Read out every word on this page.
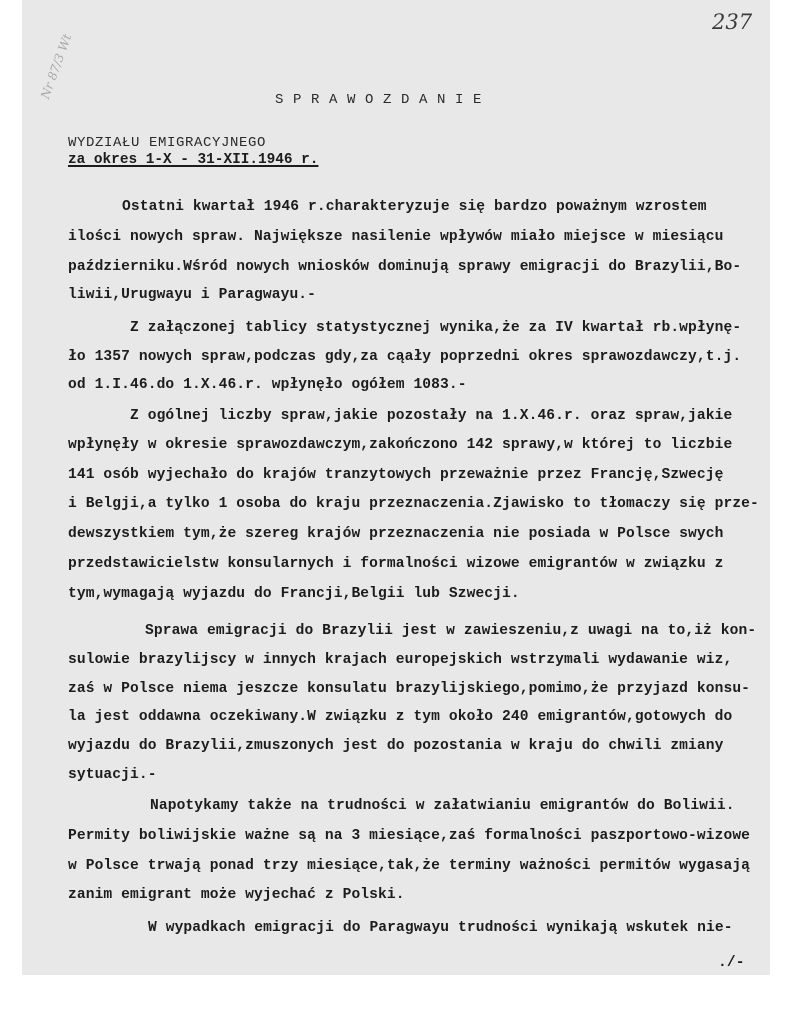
Nr 87/3 Wt
237
S P R A W O Z D A N I E
WYDZIAŁU EMIGRACYJNEGO
za okres 1-X - 31-XII.1946 r.
Ostatni kwartał 1946 r.charakteryzuje się bardzo poważnym wzrostem
ilości nowych spraw. Największe nasilenie wpływów miało miejsce w miesiącu
październiku.Wśród nowych wniosków dominują sprawy emigracji do Brazylii,Bo-
liwii,Urugwayu i Paragwayu.-
Z załączonej tablicy statystycznej wynika,że za IV kwartał rb.wpłynę-
ło 1357 nowych spraw,podczas gdy,za cąały poprzedni okres sprawozdawczy,t.j.
od 1.I.46.do 1.X.46.r. wpłynęło ogółem 1083.-
Z ogólnej liczby spraw,jakie pozostały na 1.X.46.r. oraz spraw,jakie
wpłynęły w okresie sprawozdawczym,zakończono 142 sprawy,w której to liczbie
141 osób wyjechało do krajów tranzytowych przeważnie przez Francję,Szwecję
i Belgji,a tylko 1 osoba do kraju przeznaczenia.Zjawisko to tłomaczy się prze-
dewszystkiem tym,że szereg krajów przeznaczenia nie posiada w Polsce swych
przedstawicielstw konsularnych i formalności wizowe emigrantów w związku z
tym,wymagają wyjazdu do Francji,Belgii lub Szwecji.
Sprawa emigracji do Brazylii jest w zawieszeniu,z uwagi na to,iż kon-
sulowie brazylijscy w innych krajach europejskich wstrzymali wydawanie wiz,
zaś w Polsce niema jeszcze konsulatu brazylijskiego,pomimo,że przyjazd konsu-
la jest oddawna oczekiwany.W związku z tym około 240 emigrantów,gotowych do
wyjazdu do Brazylii,zmuszonych jest do pozostania w kraju do chwili zmiany
sytuacji.-
Napotykamy także na trudności w załatwianiu emigrantów do Boliwii.
Permity boliwijskie ważne są na 3 miesiące,zaś formalności paszportowo-wizowe
w Polsce trwają ponad trzy miesiące,tak,że terminy ważności permitów wygasają
zanim emigrant może wyjechać z Polski.
W wypadkach emigracji do Paragwayu trudności wynikają wskutek nie-
./-
